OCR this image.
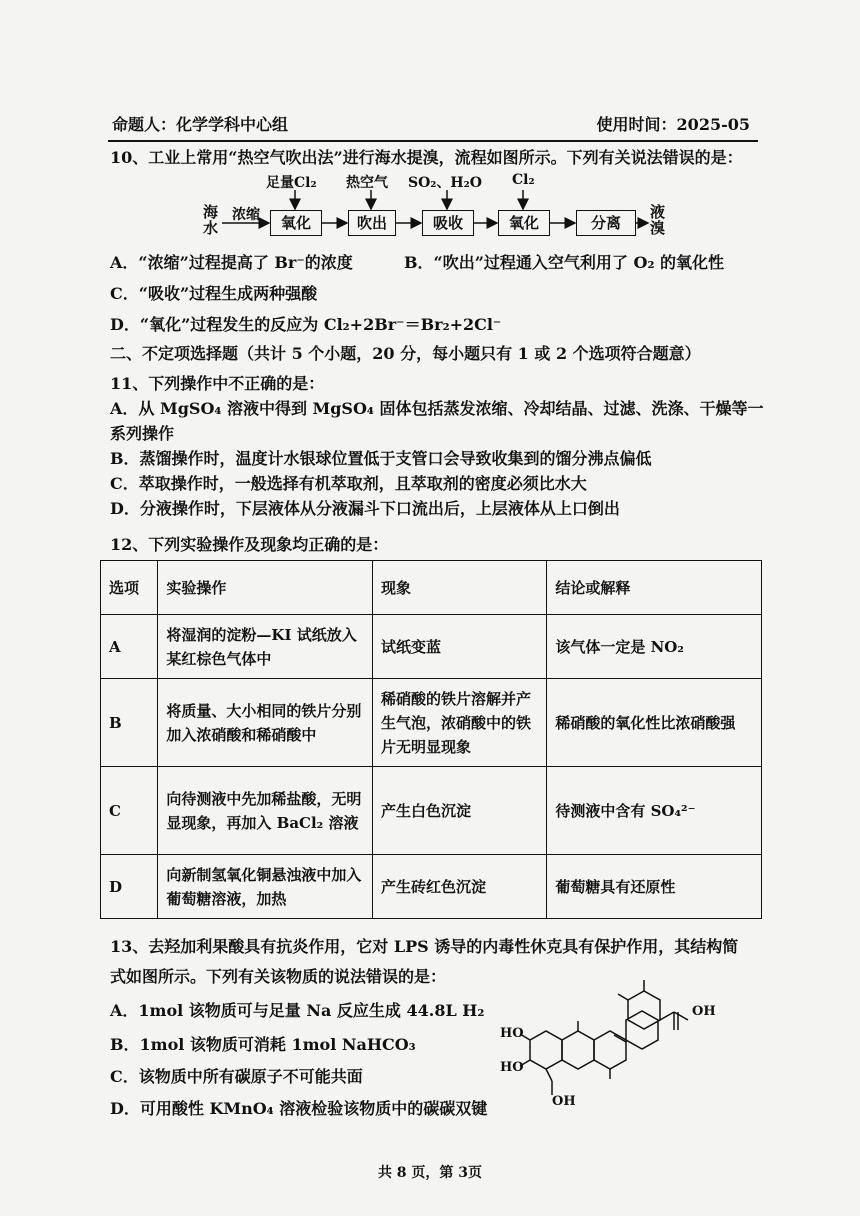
命题人：化学学科中心组	使用时间：2025-05
10、工业上常用“热空气吹出法”进行海水提溴，流程如图所示。下列有关说法错误的是：
足量Cl₂ 热空气 SO₂、H₂O Cl₂
海水
浓缩	氧化	吹出	吸收	氧化	分离
液溴
A．“浓缩”过程提高了 Br⁻的浓度	B．“吹出”过程通入空气利用了 O₂ 的氧化性
C．“吸收”过程生成两种强酸
D．“氧化”过程发生的反应为 Cl₂+2Br⁻＝Br₂+2Cl⁻
二、不定项选择题（共计 5 个小题，20 分，每小题只有 1 或 2 个选项符合题意）
11、下列操作中不正确的是：
A．从 MgSO₄ 溶液中得到 MgSO₄ 固体包括蒸发浓缩、冷却结晶、过滤、洗涤、干燥等一
系列操作
B．蒸馏操作时，温度计水银球位置低于支管口会导致收集到的馏分沸点偏低
C．萃取操作时，一般选择有机萃取剂，且萃取剂的密度必须比水大
D．分液操作时，下层液体从分液漏斗下口流出后，上层液体从上口倒出
12、下列实验操作及现象均正确的是：
选项	实验操作	现象	结论或解释
A	将湿润的淀粉—KI 试纸放入某红棕色气体中	试纸变蓝	该气体一定是 NO₂
B	将质量、大小相同的铁片分别加入浓硝酸和稀硝酸中	稀硝酸的铁片溶解并产生气泡，浓硝酸中的铁片无明显现象	稀硝酸的氧化性比浓硝酸强
C	向待测液中先加稀盐酸，无明显现象，再加入 BaCl₂ 溶液	产生白色沉淀	待测液中含有 SO₄²⁻
D	向新制氢氧化铜悬浊液中加入葡萄糖溶液，加热	产生砖红色沉淀	葡萄糖具有还原性
13、去羟加利果酸具有抗炎作用，它对 LPS 诱导的内毒性休克具有保护作用，其结构简
式如图所示。下列有关该物质的说法错误的是：
A．1mol 该物质可与足量 Na 反应生成 44.8L H₂
B．1mol 该物质可消耗 1mol NaHCO₃
C．该物质中所有碳原子不可能共面
D．可用酸性 KMnO₄ 溶液检验该物质中的碳碳双键
OH
HO
HO
OH
共 8 页，第 3页
